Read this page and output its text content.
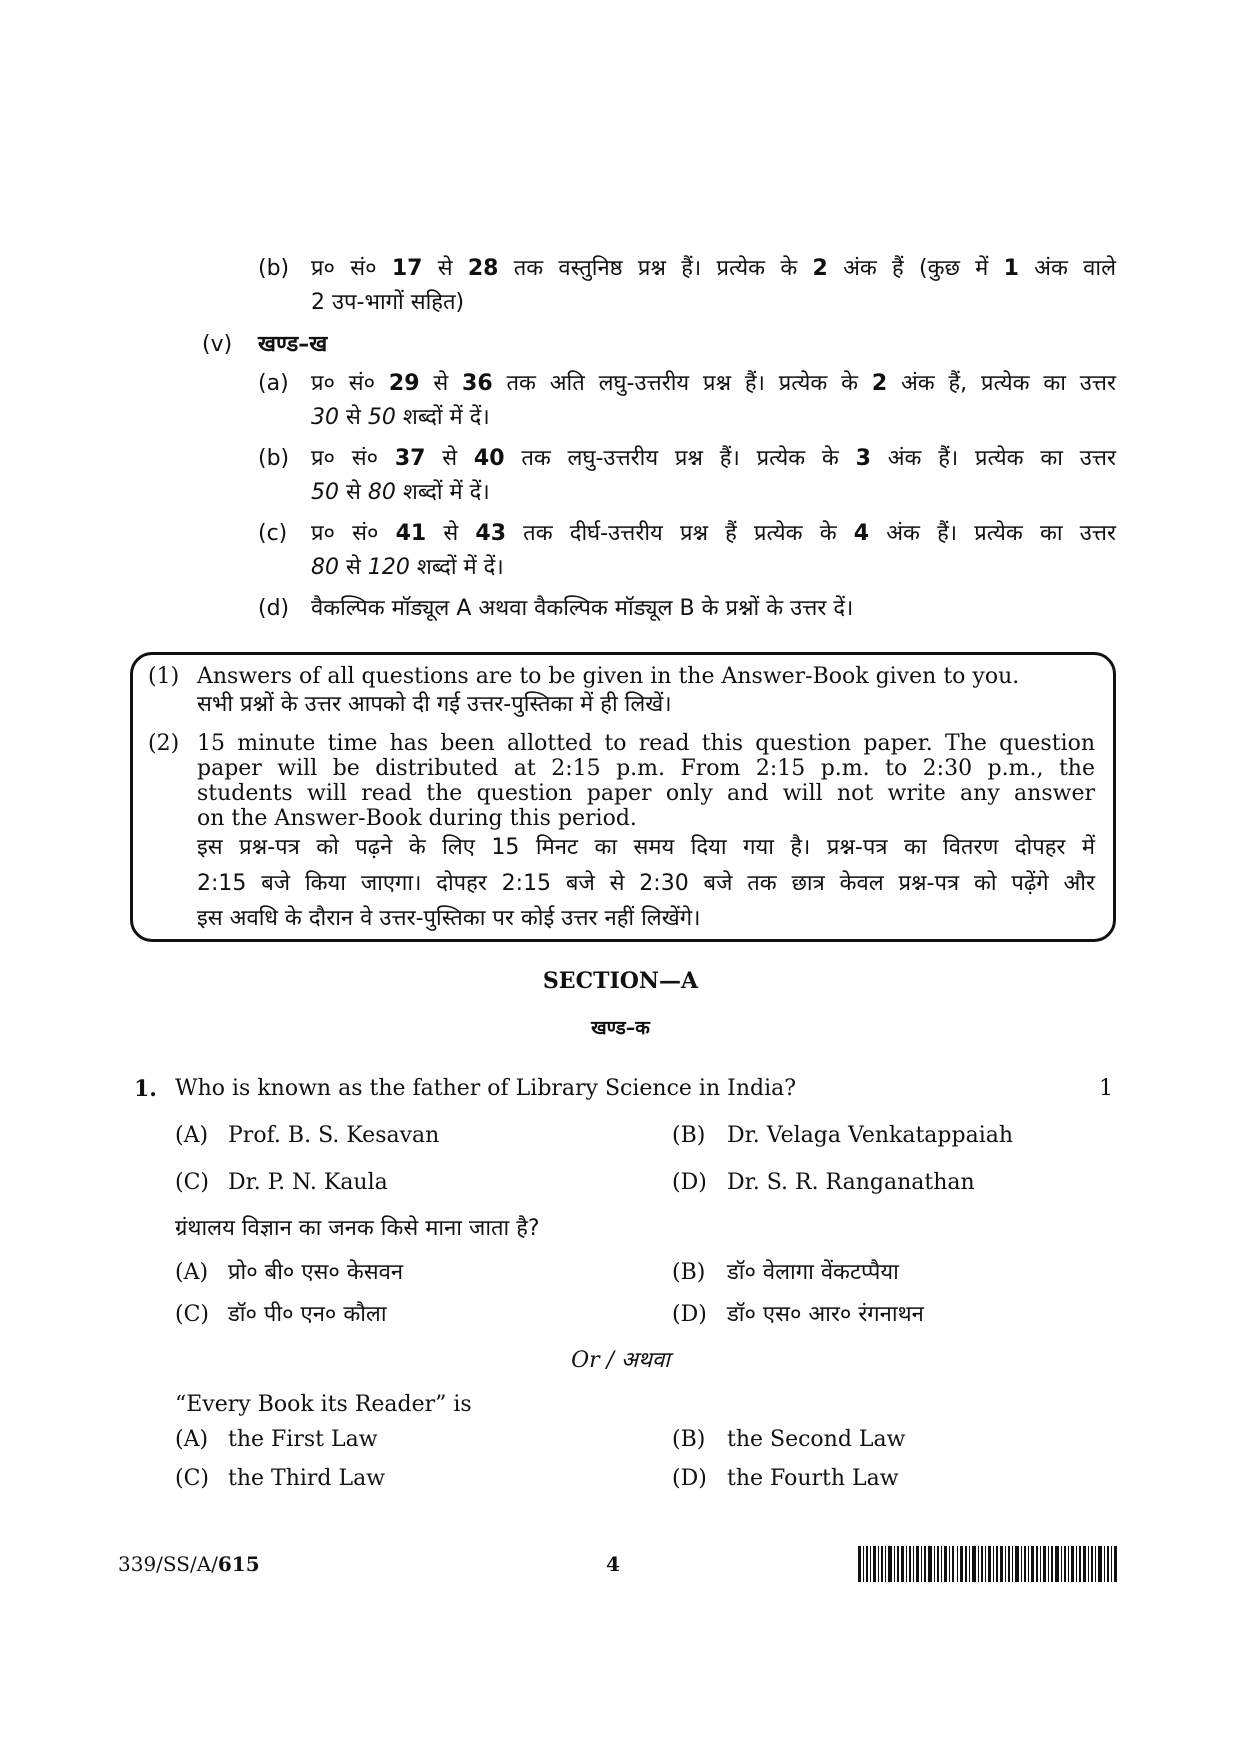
(b) प्र० सं० 17 से 28 तक वस्तुनिष्ठ प्रश्न हैं। प्रत्येक के 2 अंक हैं (कुछ में 1 अंक वाले
2 उप-भागों सहित)
(v) खण्ड–ख
(a) प्र० सं० 29 से 36 तक अति लघु-उत्तरीय प्रश्न हैं। प्रत्येक के 2 अंक हैं, प्रत्येक का उत्तर
30 से 50 शब्दों में दें।
(b) प्र० सं० 37 से 40 तक लघु-उत्तरीय प्रश्न हैं। प्रत्येक के 3 अंक हैं। प्रत्येक का उत्तर
50 से 80 शब्दों में दें।
(c) प्र० सं० 41 से 43 तक दीर्घ-उत्तरीय प्रश्न हैं प्रत्येक के 4 अंक हैं। प्रत्येक का उत्तर
80 से 120 शब्दों में दें।
(d) वैकल्पिक मॉड्यूल A अथवा वैकल्पिक मॉड्यूल B के प्रश्नों के उत्तर दें।
(1) Answers of all questions are to be given in the Answer-Book given to you.
सभी प्रश्नों के उत्तर आपको दी गई उत्तर-पुस्तिका में ही लिखें।
(2) 15 minute time has been allotted to read this question paper. The question
paper will be distributed at 2:15 p.m. From 2:15 p.m. to 2:30 p.m., the
students will read the question paper only and will not write any answer
on the Answer-Book during this period.
इस प्रश्न-पत्र को पढ़ने के लिए 15 मिनट का समय दिया गया है। प्रश्न-पत्र का वितरण दोपहर में
2:15 बजे किया जाएगा। दोपहर 2:15 बजे से 2:30 बजे तक छात्र केवल प्रश्न-पत्र को पढ़ेंगे और
इस अवधि के दौरान वे उत्तर-पुस्तिका पर कोई उत्तर नहीं लिखेंगे।
SECTION—A
खण्ड–क
1. Who is known as the father of Library Science in India?	1
(A) Prof. B. S. Kesavan	(B) Dr. Velaga Venkatappaiah
(C) Dr. P. N. Kaula	(D) Dr. S. R. Ranganathan
ग्रंथालय विज्ञान का जनक किसे माना जाता है?
(A) प्रो० बी० एस० केसवन	(B) डॉ० वेलागा वेंकटप्पैया
(C) डॉ० पी० एन० कौला	(D) डॉ० एस० आर० रंगनाथन
Or / अथवा
“Every Book its Reader” is
(A) the First Law	(B) the Second Law
(C) the Third Law	(D) the Fourth Law
339/SS/A/615	4
